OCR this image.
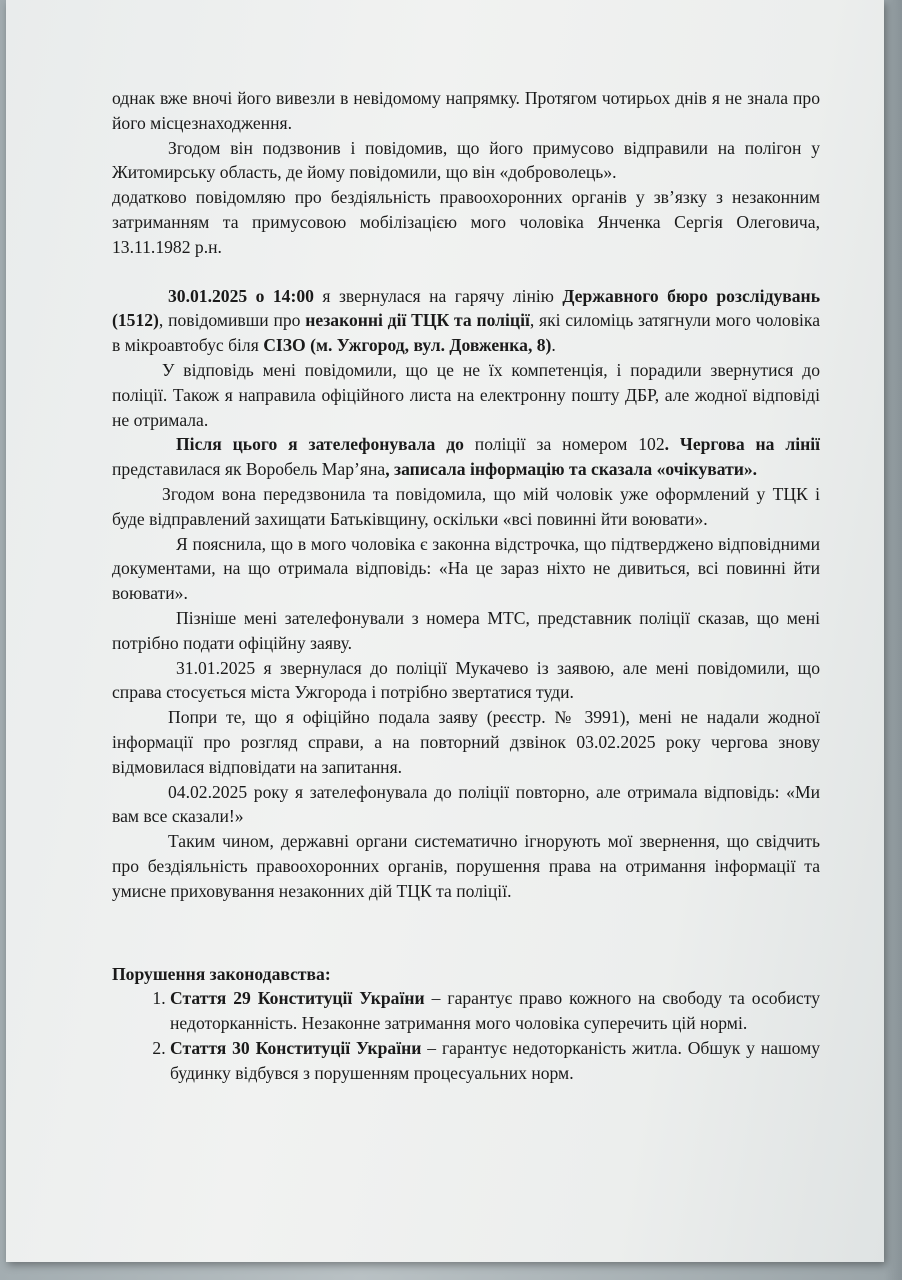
однак вже вночі його вивезли в невідомому напрямку. Протягом чотирьох днів я не знала про його місцезнаходження.

Згодом він подзвонив і повідомив, що його примусово відправили на полігон у Житомирську область, де йому повідомили, що він «доброволець».

додатково повідомляю про бездіяльність правоохоронних органів у зв’язку з незаконним затриманням та примусовою мобілізацією мого чоловіка Янченка Сергія Олеговича, 13.11.1982 р.н.

30.01.2025 о 14:00 я звернулася на гарячу лінію Державного бюро розслідувань (1512), повідомивши про незаконні дії ТЦК та поліції, які силоміць затягнули мого чоловіка в мікроавтобус біля СІЗО (м. Ужгород, вул. Довженка, 8).

У відповідь мені повідомили, що це не їх компетенція, і порадили звернутися до поліції. Також я направила офіційного листа на електронну пошту ДБР, але жодної відповіді не отримала.

Після цього я зателефонувала до поліції за номером 102. Чергова на лінії представилася як Воробель Мар’яна, записала інформацію та сказала «очікувати».

Згодом вона передзвонила та повідомила, що мій чоловік уже оформлений у ТЦК і буде відправлений захищати Батьківщину, оскільки «всі повинні йти воювати».

Я пояснила, що в мого чоловіка є законна відстрочка, що підтверджено відповідними документами, на що отримала відповідь: «На це зараз ніхто не дивиться, всі повинні йти воювати».

Пізніше мені зателефонували з номера МТС, представник поліції сказав, що мені потрібно подати офіційну заяву.

31.01.2025 я звернулася до поліції Мукачево із заявою, але мені повідомили, що справа стосується міста Ужгорода і потрібно звертатися туди.

Попри те, що я офіційно подала заяву (реєстр. № 3991), мені не надали жодної інформації про розгляд справи, а на повторний дзвінок 03.02.2025 року чергова знову відмовилася відповідати на запитання.

04.02.2025 року я зателефонувала до поліції повторно, але отримала відповідь: «Ми вам все сказали!»

Таким чином, державні органи систематично ігнорують мої звернення, що свідчить про бездіяльність правоохоронних органів, порушення права на отримання інформації та умисне приховування незаконних дій ТЦК та поліції.

Порушення законодавства:

1. Стаття 29 Конституції України – гарантує право кожного на свободу та особисту недоторканність. Незаконне затримання мого чоловіка суперечить цій нормі.
2. Стаття 30 Конституції України – гарантує недоторканість житла. Обшук у нашому будинку відбувся з порушенням процесуальних норм.
